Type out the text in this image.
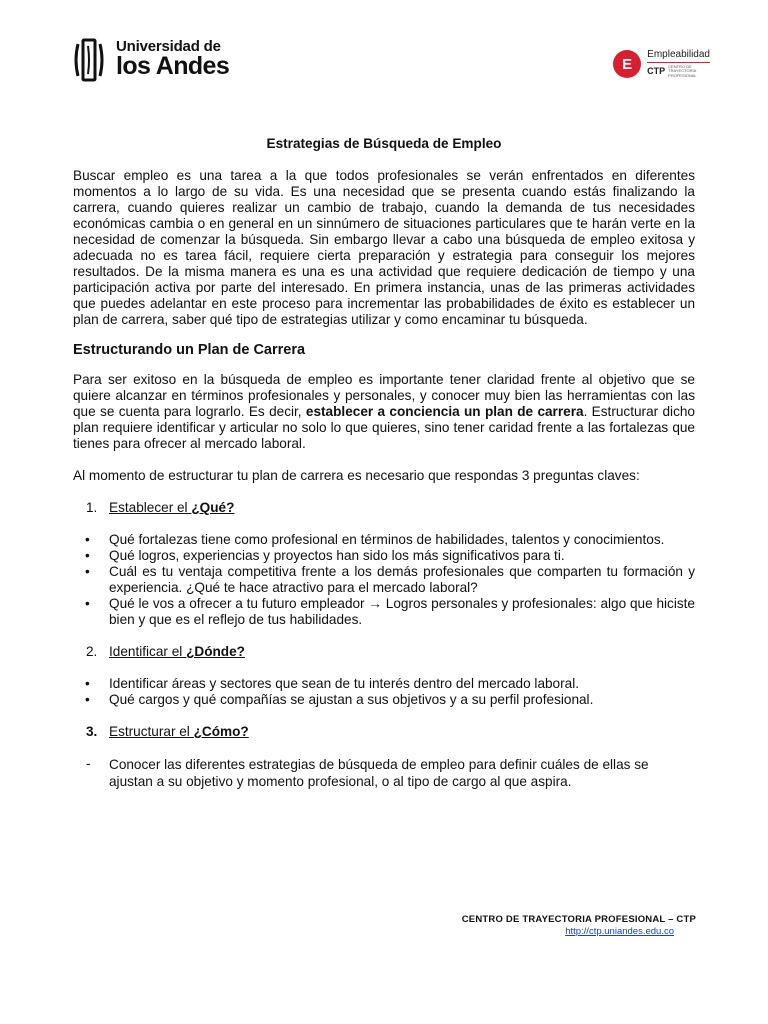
Universidad de
los Andes	E
Empleabilidad
CTP CENTRO DE TRAYECTORIA PROFESIONAL
Estrategias de Búsqueda de Empleo

Buscar empleo es una tarea a la que todos profesionales se verán enfrentados en diferentes momentos a lo largo de su vida. Es una necesidad que se presenta cuando estás finalizando la carrera, cuando quieres realizar un cambio de trabajo, cuando la demanda de tus necesidades económicas cambia o en general en un sinnúmero de situaciones particulares que te harán verte en la necesidad de comenzar la búsqueda. Sin embargo llevar a cabo una búsqueda de empleo exitosa y adecuada no es tarea fácil, requiere cierta preparación y estrategia para conseguir los mejores resultados. De la misma manera es una es una actividad que requiere dedicación de tiempo y una participación activa por parte del interesado. En primera instancia, unas de las primeras actividades que puedes adelantar en este proceso para incrementar las probabilidades de éxito es establecer un plan de carrera, saber qué tipo de estrategias utilizar y como encaminar tu búsqueda.

Estructurando un Plan de Carrera

Para ser exitoso en la búsqueda de empleo es importante tener claridad frente al objetivo que se quiere alcanzar en términos profesionales y personales, y conocer muy bien las herramientas con las que se cuenta para lograrlo. Es decir, establecer a conciencia un plan de carrera. Estructurar dicho plan requiere identificar y articular no solo lo que quieres, sino tener caridad frente a las fortalezas que tienes para ofrecer al mercado laboral.

Al momento de estructurar tu plan de carrera es necesario que respondas 3 preguntas claves:

1. Establecer el ¿Qué?
•	Qué fortalezas tiene como profesional en términos de habilidades, talentos y conocimientos.
•	Qué logros, experiencias y proyectos han sido los más significativos para ti.
•	Cuál es tu ventaja competitiva frente a los demás profesionales que comparten tu formación y experiencia. ¿Qué te hace atractivo para el mercado laboral?
•	Qué le vos a ofrecer a tu futuro empleador → Logros personales y profesionales: algo que hiciste bien y que es el reflejo de tus habilidades.
2. Identificar el ¿Dónde?
•	Identificar áreas y sectores que sean de tu interés dentro del mercado laboral.
•	Qué cargos y qué compañías se ajustan a sus objetivos y a su perfil profesional.
3. Estructurar el ¿Cómo?
-	Conocer las diferentes estrategias de búsqueda de empleo para definir cuáles de ellas se ajustan a su objetivo y momento profesional, o al tipo de cargo al que aspira.
CENTRO DE TRAYECTORIA PROFESIONAL – CTP
http://ctp.uniandes.edu.co
